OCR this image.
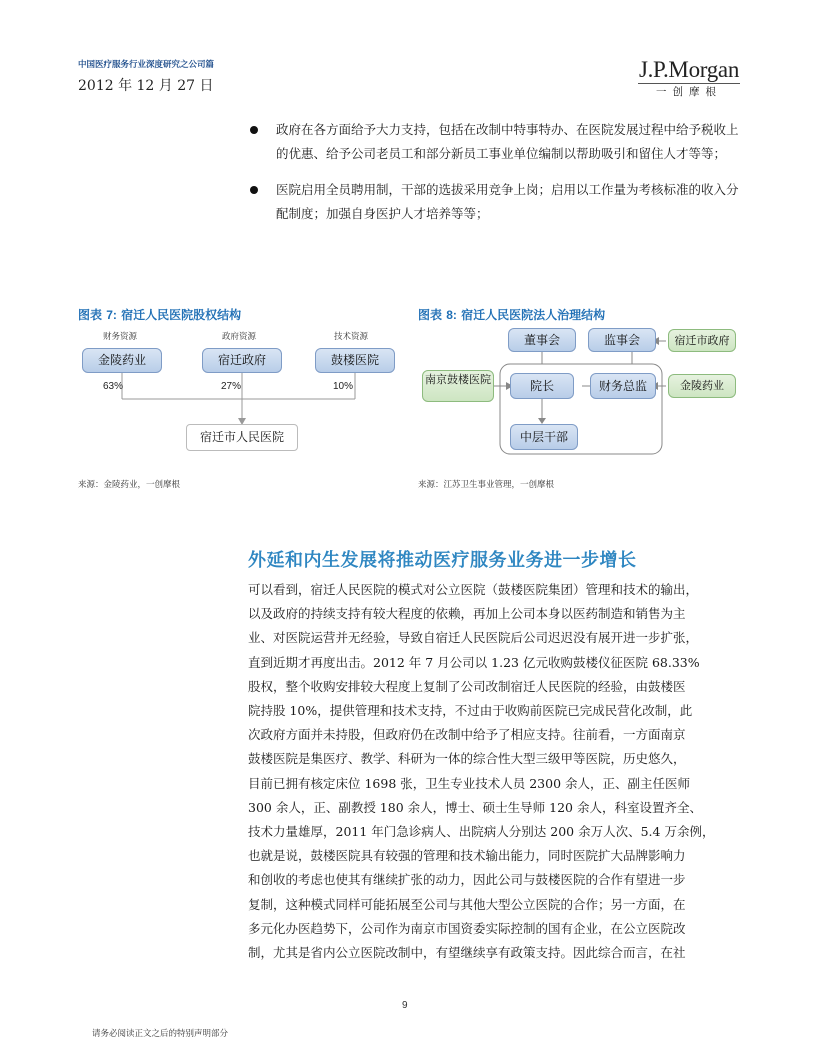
中国医疗服务行业深度研究之公司篇
2012 年 12 月 27 日
J.P.Morgan
一创摩根
政府在各方面给予大力支持，包括在改制中特事特办、在医院发展过程中给予税收上的优惠、给予公司老员工和部分新员工事业单位编制以帮助吸引和留住人才等等；
医院启用全员聘用制，干部的选拔采用竞争上岗；启用以工作量为考核标准的收入分配制度；加强自身医护人才培养等等；
图表 7: 宿迁人民医院股权结构
财务资源	政府资源	技术资源
金陵药业	宿迁政府	鼓楼医院
63%	27%	10%
宿迁市人民医院
来源：金陵药业，一创摩根
图表 8: 宿迁人民医院法人治理结构
董事会	监事会	宿迁市政府
南京鼓楼医院	院长	财务总监	金陵药业
中层干部
来源：江苏卫生事业管理，一创摩根
外延和内生发展将推动医疗服务业务进一步增长
可以看到，宿迁人民医院的模式对公立医院（鼓楼医院集团）管理和技术的输出，
以及政府的持续支持有较大程度的依赖，再加上公司本身以医药制造和销售为主
业、对医院运营并无经验，导致自宿迁人民医院后公司迟迟没有展开进一步扩张，
直到近期才再度出击。2012 年 7 月公司以 1.23 亿元收购鼓楼仪征医院 68.33%
股权，整个收购安排较大程度上复制了公司改制宿迁人民医院的经验，由鼓楼医
院持股 10%，提供管理和技术支持，不过由于收购前医院已完成民营化改制，此
次政府方面并未持股，但政府仍在改制中给予了相应支持。往前看，一方面南京
鼓楼医院是集医疗、教学、科研为一体的综合性大型三级甲等医院，历史悠久，
目前已拥有核定床位 1698 张，卫生专业技术人员 2300 余人，正、副主任医师
300 余人，正、副教授 180 余人，博士、硕士生导师 120 余人，科室设置齐全、
技术力量雄厚，2011 年门急诊病人、出院病人分别达 200 余万人次、5.4 万余例，
也就是说，鼓楼医院具有较强的管理和技术输出能力，同时医院扩大品牌影响力
和创收的考虑也使其有继续扩张的动力，因此公司与鼓楼医院的合作有望进一步
复制，这种模式同样可能拓展至公司与其他大型公立医院的合作；另一方面，在
多元化办医趋势下，公司作为南京市国资委实际控制的国有企业，在公立医院改
制，尤其是省内公立医院改制中，有望继续享有政策支持。因此综合而言，在社
9
请务必阅读正文之后的特别声明部分
